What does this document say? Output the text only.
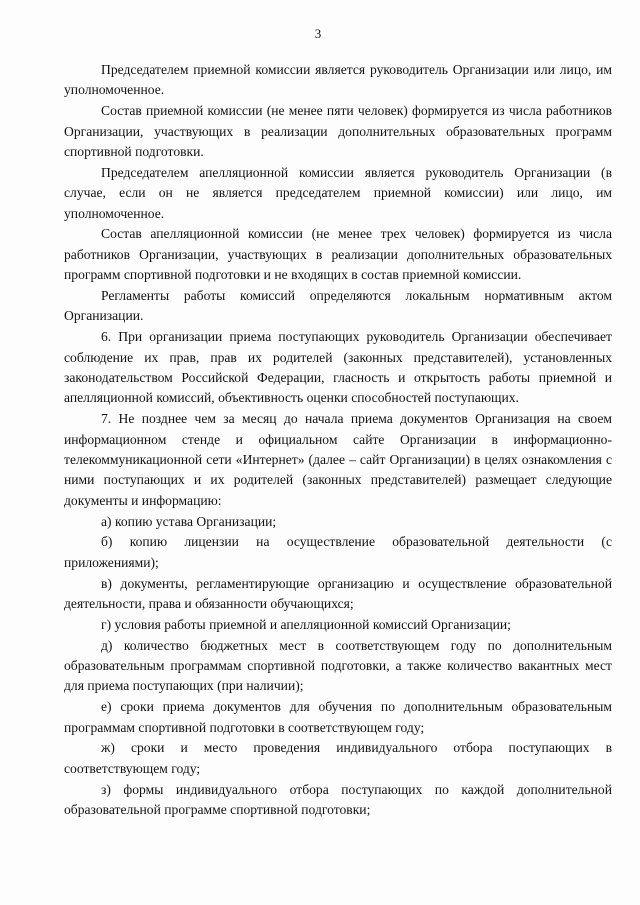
3

Председателем приемной комиссии является руководитель Организации или лицо, им уполномоченное.

Состав приемной комиссии (не менее пяти человек) формируется из числа работников Организации, участвующих в реализации дополнительных образовательных программ спортивной подготовки.

Председателем апелляционной комиссии является руководитель Организации (в случае, если он не является председателем приемной комиссии) или лицо, им уполномоченное.

Состав апелляционной комиссии (не менее трех человек) формируется из числа работников Организации, участвующих в реализации дополнительных образовательных программ спортивной подготовки и не входящих в состав приемной комиссии.

Регламенты работы комиссий определяются локальным нормативным актом Организации.

6. При организации приема поступающих руководитель Организации обеспечивает соблюдение их прав, прав их родителей (законных представителей), установленных законодательством Российской Федерации, гласность и открытость работы приемной и апелляционной комиссий, объективность оценки способностей поступающих.

7. Не позднее чем за месяц до начала приема документов Организация на своем информационном стенде и официальном сайте Организации в информационно-телекоммуникационной сети «Интернет» (далее – сайт Организации) в целях ознакомления с ними поступающих и их родителей (законных представителей) размещает следующие документы и информацию:

а) копию устава Организации;

б) копию лицензии на осуществление образовательной деятельности (с приложениями);

в) документы, регламентирующие организацию и осуществление образовательной деятельности, права и обязанности обучающихся;

г) условия работы приемной и апелляционной комиссий Организации;

д) количество бюджетных мест в соответствующем году по дополнительным образовательным программам спортивной подготовки, а также количество вакантных мест для приема поступающих (при наличии);

е) сроки приема документов для обучения по дополнительным образовательным программам спортивной подготовки в соответствующем году;

ж) сроки и место проведения индивидуального отбора поступающих в соответствующем году;

з) формы индивидуального отбора поступающих по каждой дополнительной образовательной программе спортивной подготовки;
